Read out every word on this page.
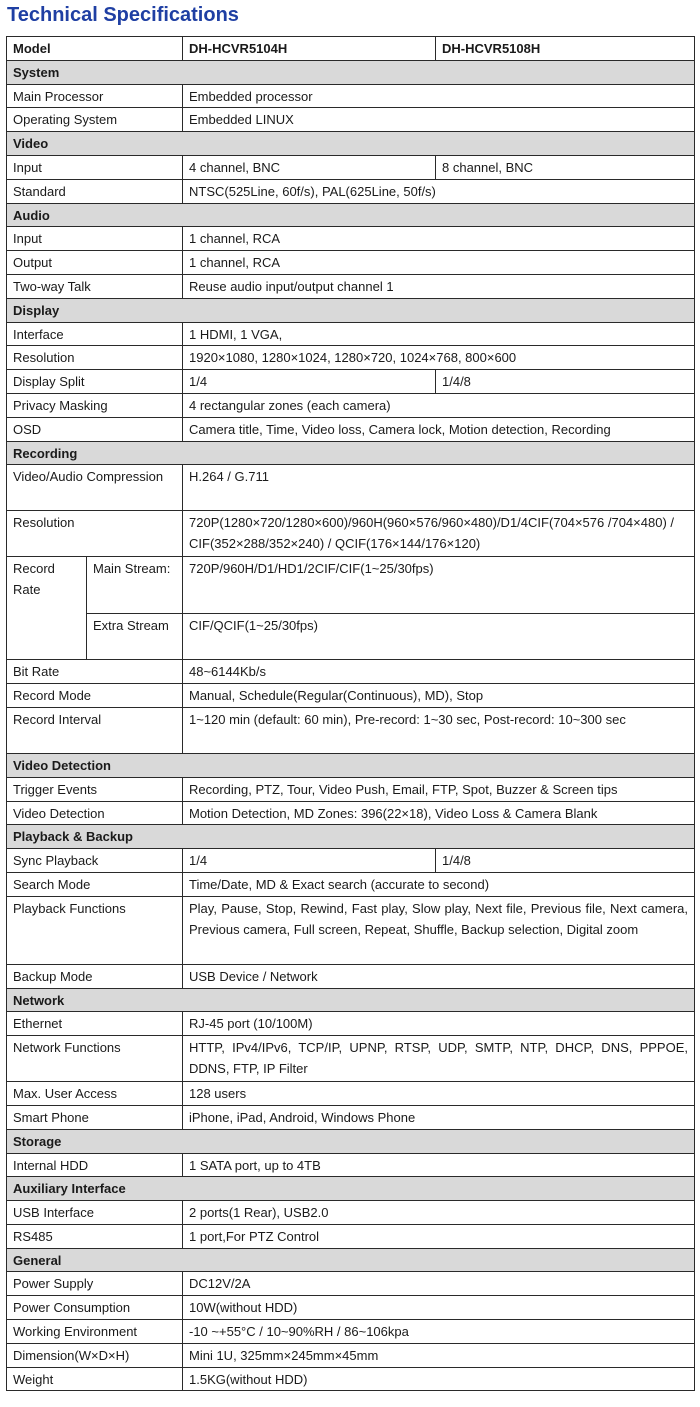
Technical Specifications
Model		DH-HCVR5104H	DH-HCVR5108H
System			
Main Processor		Embedded processor	
Operating System		Embedded LINUX	
Video			
Input		4 channel, BNC	8 channel, BNC
Standard		NTSC(525Line, 60f/s), PAL(625Line, 50f/s)	
Audio			
Input		1 channel, RCA	
Output		1 channel, RCA	
Two-way Talk		Reuse audio input/output channel 1	
Display			
Interface		1 HDMI, 1 VGA,	
Resolution		1920×1080, 1280×1024, 1280×720, 1024×768, 800×600	
Display Split		1/4	1/4/8
Privacy Masking		4 rectangular zones (each camera)	
OSD		Camera title, Time, Video loss, Camera lock, Motion detection, Recording	
Recording			
Video/Audio Compression		H.264 / G.711	
Resolution		720P(1280×720/1280×600)/960H(960×576/960×480)/D1/4CIF(704×576 /704×480) / CIF(352×288/352×240) / QCIF(176×144/176×120)	
Record Rate	Main Stream:	720P/960H/D1/HD1/2CIF/CIF(1~25/30fps)	
	Extra Stream	CIF/QCIF(1~25/30fps)	
Bit Rate		48~6144Kb/s	
Record Mode		Manual, Schedule(Regular(Continuous), MD), Stop	
Record Interval		1~120 min (default: 60 min), Pre-record: 1~30 sec, Post-record: 10~300 sec	
Video Detection			
Trigger Events		Recording, PTZ, Tour, Video Push, Email, FTP, Spot, Buzzer & Screen tips	
Video Detection		Motion Detection, MD Zones: 396(22×18), Video Loss & Camera Blank	
Playback & Backup			
Sync Playback		1/4	1/4/8
Search Mode		Time/Date, MD & Exact search (accurate to second)	
Playback Functions		Play, Pause, Stop, Rewind, Fast play, Slow play, Next file, Previous file, Next camera, Previous camera, Full screen, Repeat, Shuffle, Backup selection, Digital zoom	
Backup Mode		USB Device / Network	
Network			
Ethernet		RJ-45 port (10/100M)	
Network Functions		HTTP, IPv4/IPv6, TCP/IP, UPNP, RTSP, UDP, SMTP, NTP, DHCP, DNS, PPPOE, DDNS, FTP, IP Filter	
Max. User Access		128 users	
Smart Phone		iPhone, iPad, Android, Windows Phone	
Storage			
Internal HDD		1 SATA port, up to 4TB	
Auxiliary Interface			
USB Interface		2 ports(1 Rear), USB2.0	
RS485		1 port,For PTZ Control	
General			
Power Supply		DC12V/2A	
Power Consumption		10W(without HDD)	
Working Environment		-10 ~+55°C / 10~90%RH / 86~106kpa	
Dimension(W×D×H)		Mini 1U, 325mm×245mm×45mm	
Weight		1.5KG(without HDD)	
